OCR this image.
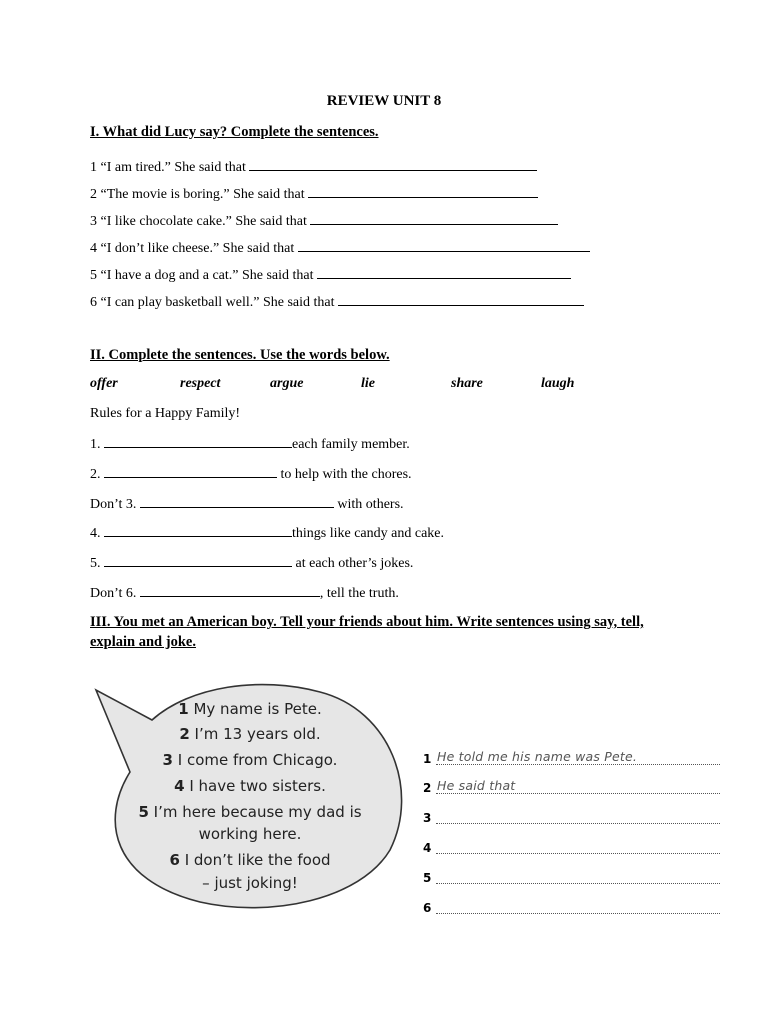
REVIEW UNIT 8
I. What did Lucy say? Complete the sentences.
1 “I am tired.” She said that
2 “The movie is boring.” She said that
3 “I like chocolate cake.” She said that
4 “I don’t like cheese.” She said that
5 “I have a dog and a cat.” She said that
6 “I can play basketball well.” She said that
II. Complete the sentences. Use the words below.
offer	respect	argue	lie	share	laugh
Rules for a Happy Family!
1.	each family member.
2.	to help with the chores.
Don’t 3.	with others.
4.	things like candy and cake.
5.	at each other’s jokes.
Don’t 6.	, tell the truth.
III. You met an American boy. Tell your friends about him. Write sentences using say, tell, explain and joke.
1 My name is Pete.
2 I’m 13 years old.
3 I come from Chicago.
4 I have two sisters.
5 I’m here because my dad is
working here.
6 I don’t like the food
– just joking!
1 He told me his name was Pete.
2 He said that
3
4
5
6
